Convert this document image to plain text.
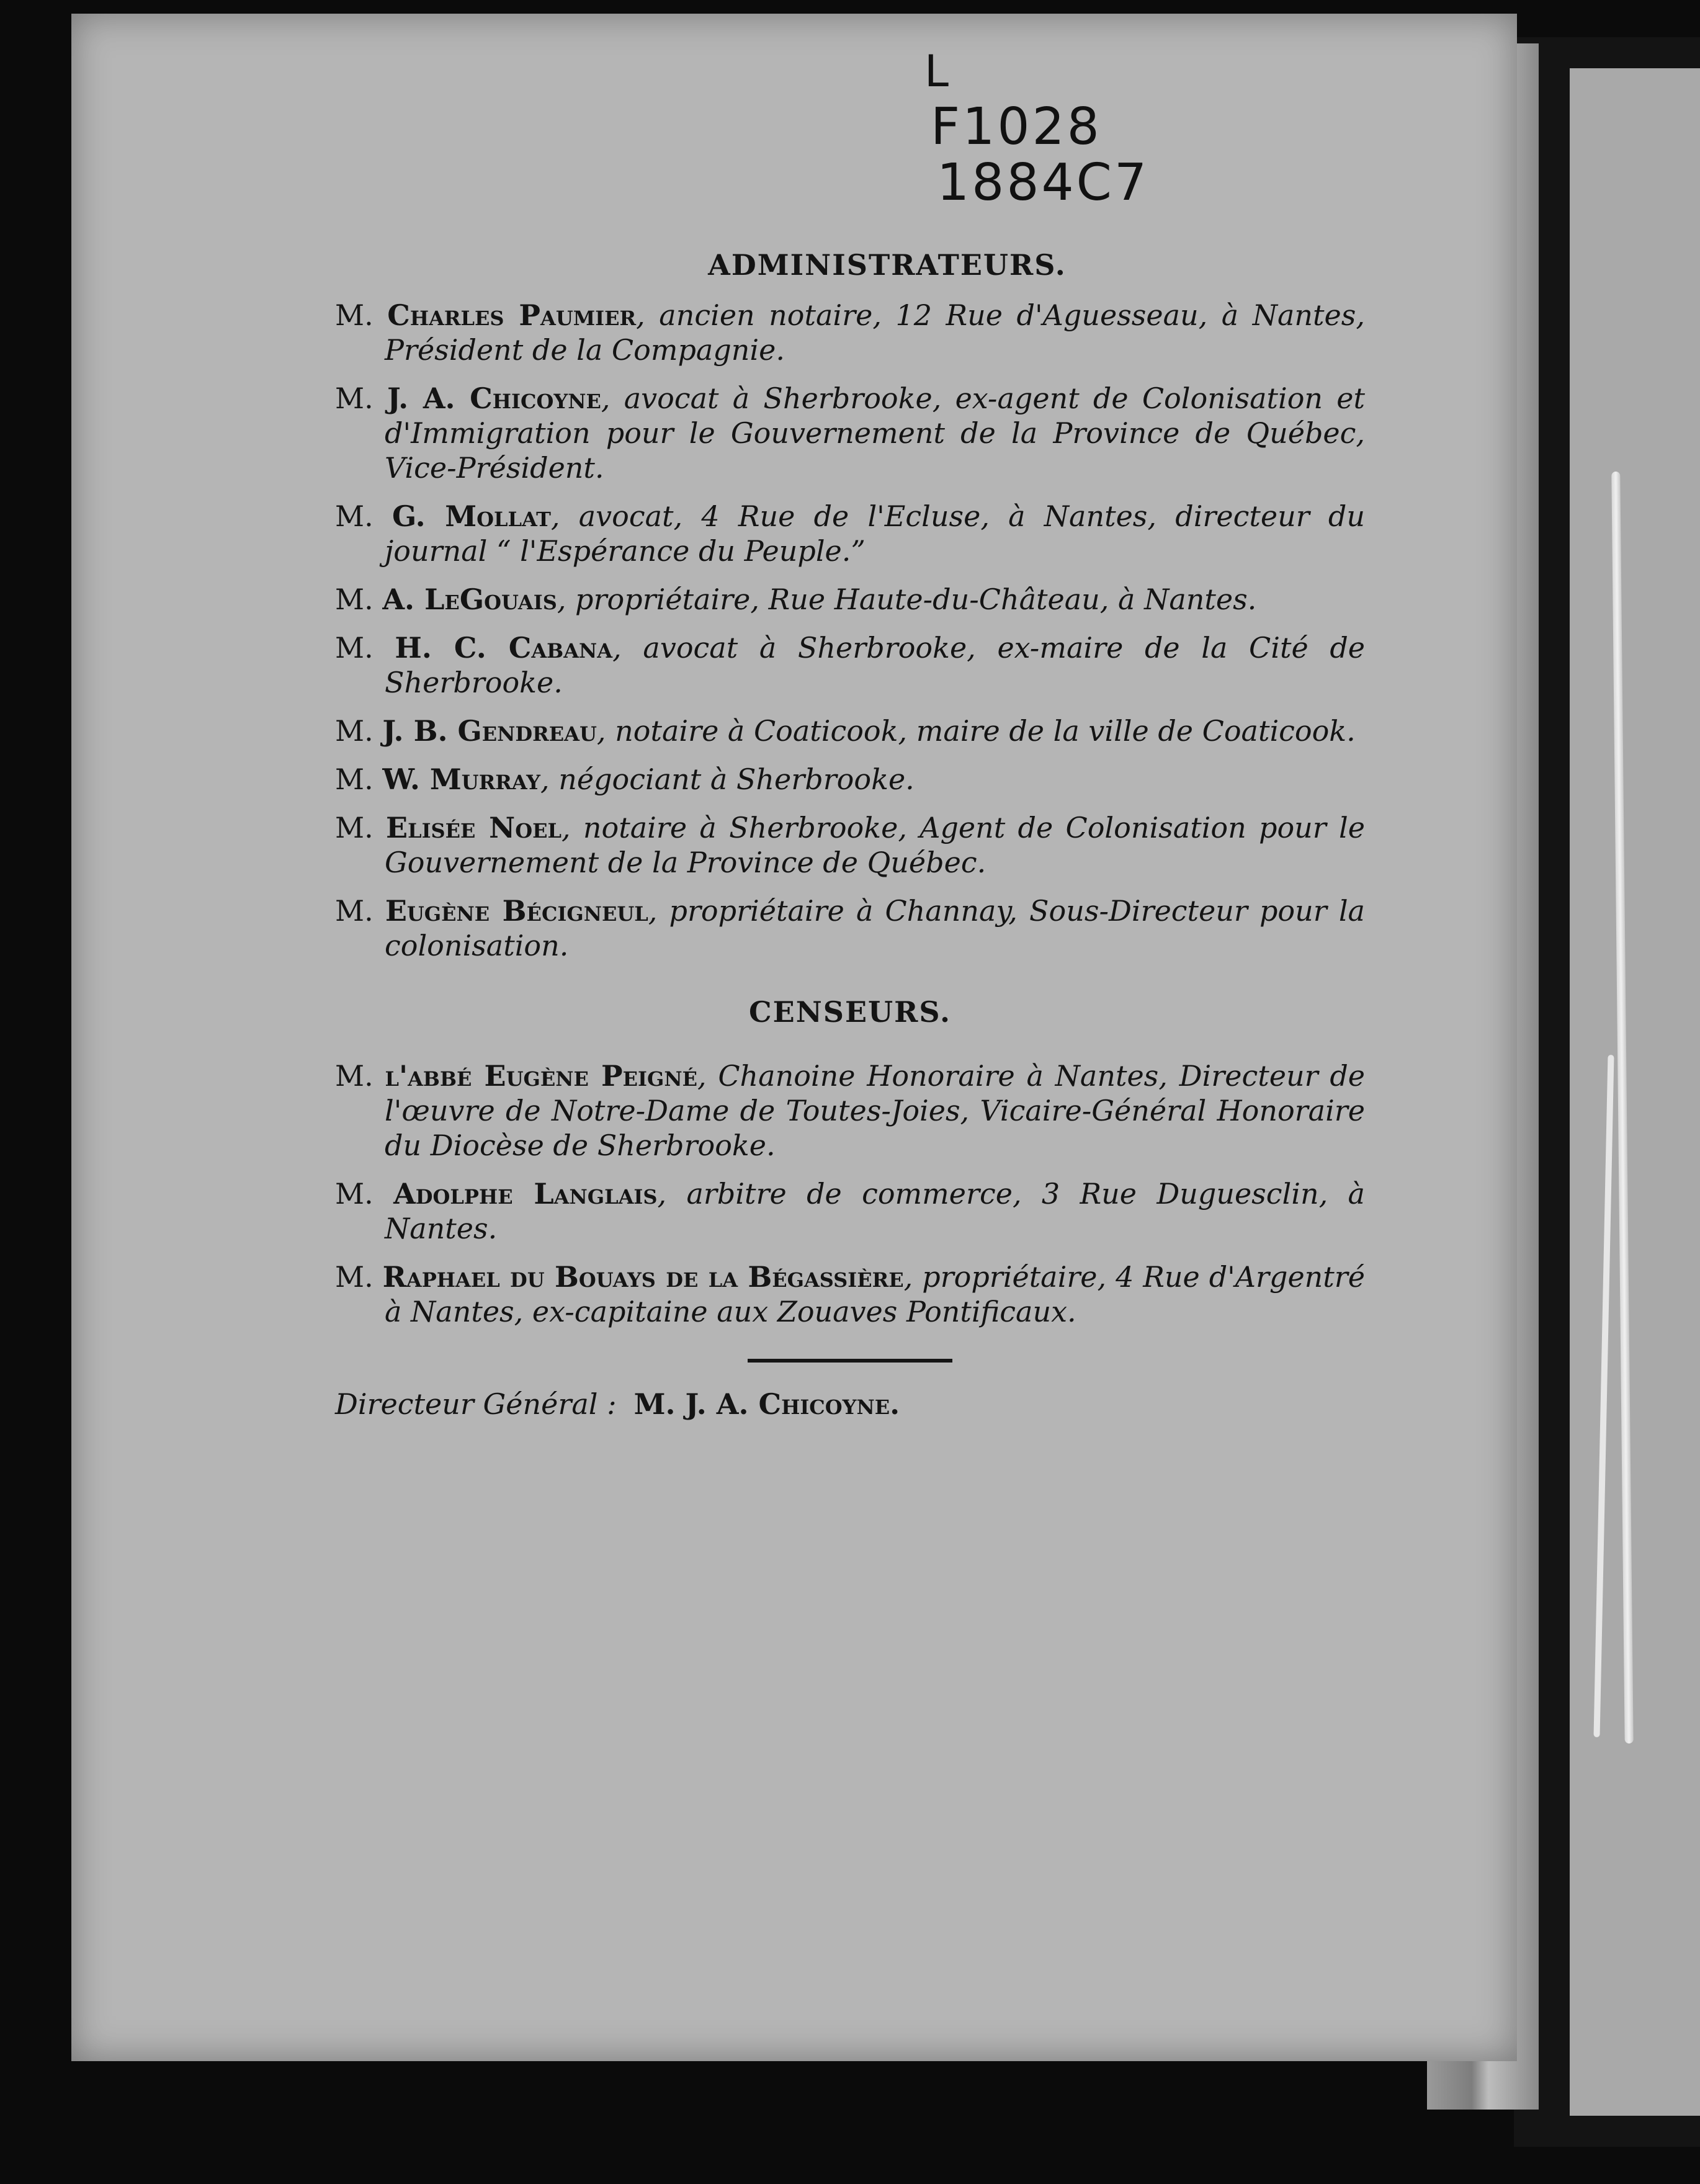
L
F1028
1884C7
ADMINISTRATEURS.

M. Charles Paumier, ancien notaire, 12 Rue d'Aguesseau, à Nantes, Président de la Compagnie.

M. J. A. Chicoyne, avocat à Sherbrooke, ex-agent de Colonisation et d'Immigration pour le Gouvernement de la Province de Québec, Vice-Président.

M. G. Mollat, avocat, 4 Rue de l'Ecluse, à Nantes, directeur du journal “ l'Espérance du Peuple.”

M. A. LeGouais, propriétaire, Rue Haute-du-Château, à Nantes.

M. H. C. Cabana, avocat à Sherbrooke, ex-maire de la Cité de Sherbrooke.

M. J. B. Gendreau, notaire à Coaticook, maire de la ville de Coaticook.

M. W. Murray, négociant à Sherbrooke.

M. Elisée Noel, notaire à Sherbrooke, Agent de Colonisation pour le Gouvernement de la Province de Québec.

M. Eugène Bécigneul, propriétaire à Channay, Sous-Directeur pour la colonisation.

CENSEURS.

M. l'abbé Eugène Peigné, Chanoine Honoraire à Nantes, Directeur de l'œuvre de Notre-Dame de Toutes-Joies, Vicaire-Général Honoraire du Diocèse de Sherbrooke.

M. Adolphe Langlais, arbitre de commerce, 3 Rue Duguesclin, à Nantes.

M. Raphael du Bouays de la Bégassière, propriétaire, 4 Rue d'Argentré à Nantes, ex-capitaine aux Zouaves Pontificaux.

Directeur Général : M. J. A. Chicoyne.
